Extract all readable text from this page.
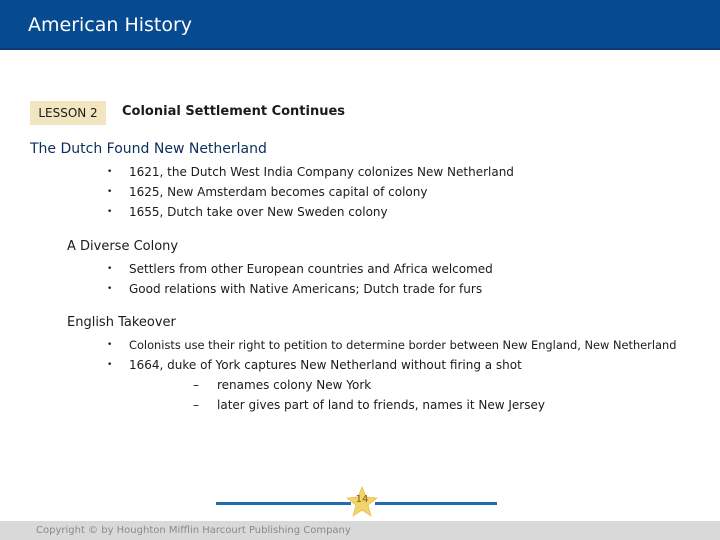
American History
LESSON 2	Colonial Settlement Continues
The Dutch Found New Netherland
• 1621, the Dutch West India Company colonizes New Netherland
• 1625, New Amsterdam becomes capital of colony
• 1655, Dutch take over New Sweden colony
A Diverse Colony
• Settlers from other European countries and Africa welcomed
• Good relations with Native Americans; Dutch trade for furs
English Takeover
• Colonists use their right to petition to determine border between New England, New Netherland
• 1664, duke of York captures New Netherland without firing a shot
– renames colony New York
– later gives part of land to friends, names it New Jersey
14
Copyright © by Houghton Mifflin Harcourt Publishing Company
